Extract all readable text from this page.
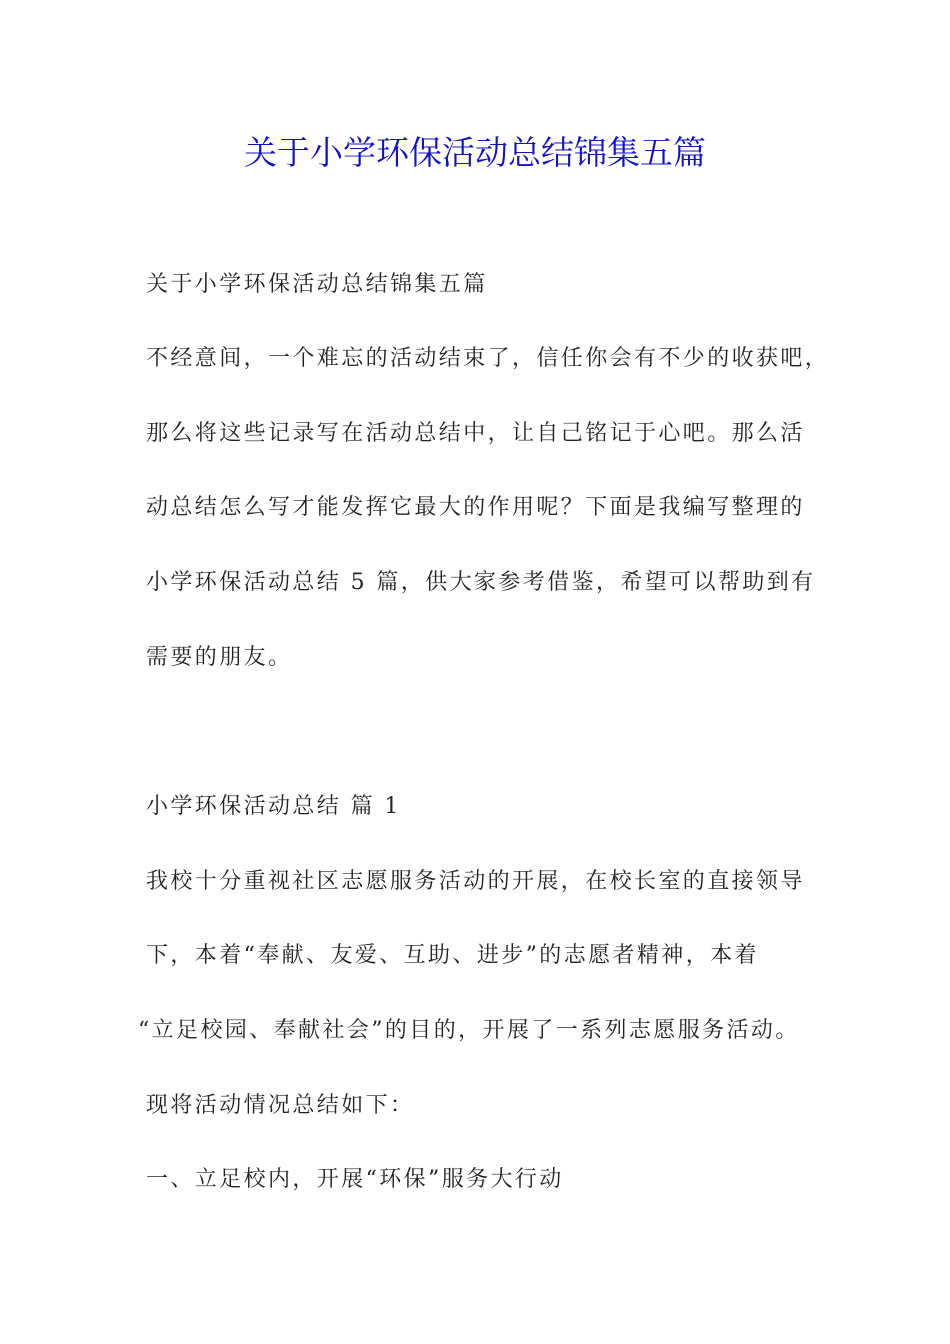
关于小学环保活动总结锦集五篇
关于小学环保活动总结锦集五篇
不经意间，一个难忘的活动结束了，信任你会有不少的收获吧，
那么将这些记录写在活动总结中，让自己铭记于心吧。那么活
动总结怎么写才能发挥它最大的作用呢？下面是我编写整理的
小学环保活动总结 5 篇，供大家参考借鉴，希望可以帮助到有
需要的朋友。
小学环保活动总结 篇 1
我校十分重视社区志愿服务活动的开展，在校长室的直接领导
下，本着“奉献、友爱、互助、进步”的志愿者精神，本着
“立足校园、奉献社会”的目的，开展了一系列志愿服务活动。
现将活动情况总结如下：
一、立足校内，开展“环保”服务大行动
